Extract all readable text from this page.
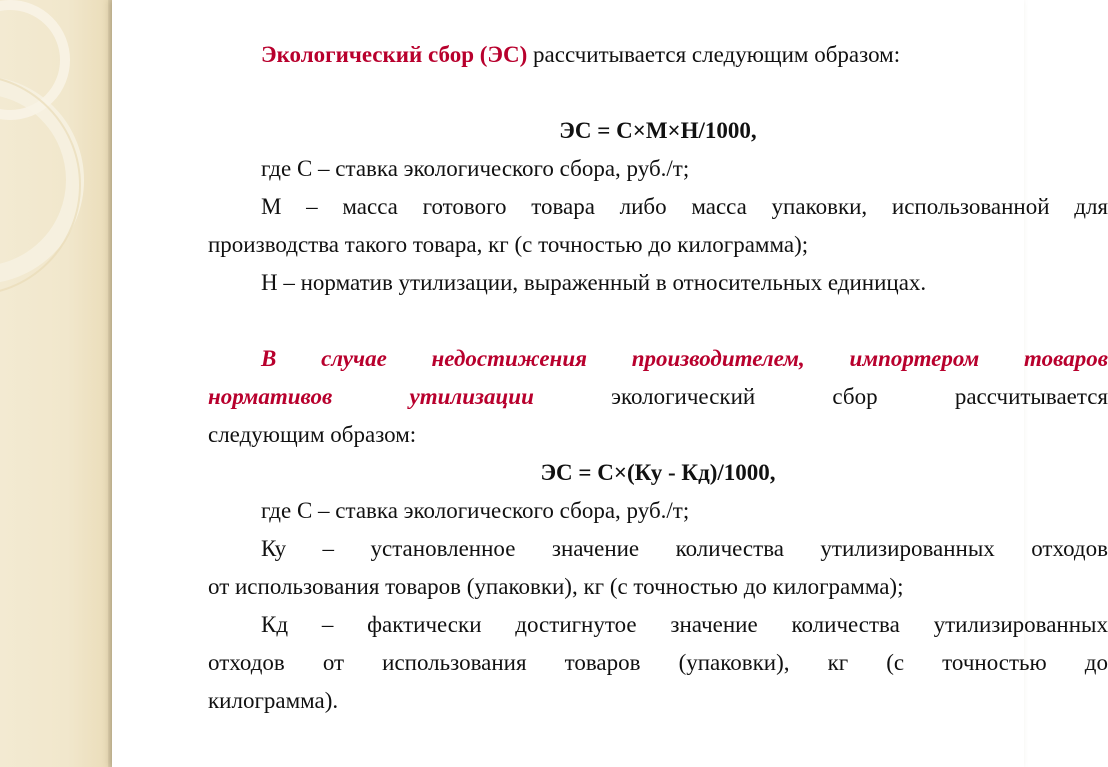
Экологический сбор (ЭС) рассчитывается следующим образом:
ЭС = С×М×Н/1000,
где С – ставка экологического сбора, руб./т;
М – масса готового товара либо масса упаковки, использованной для
производства такого товара, кг (с точностью до килограмма);
Н – норматив утилизации, выраженный в относительных единицах.
В случае недостижения производителем, импортером товаров
нормативов утилизации экологический сбор рассчитывается
следующим образом:
ЭС = С×(Ку - Кд)/1000,
где С – ставка экологического сбора, руб./т;
Ку – установленное значение количества утилизированных отходов
от использования товаров (упаковки), кг (с точностью до килограмма);
Кд – фактически достигнутое значение количества утилизированных
отходов от использования товаров (упаковки), кг (с точностью до
килограмма).
